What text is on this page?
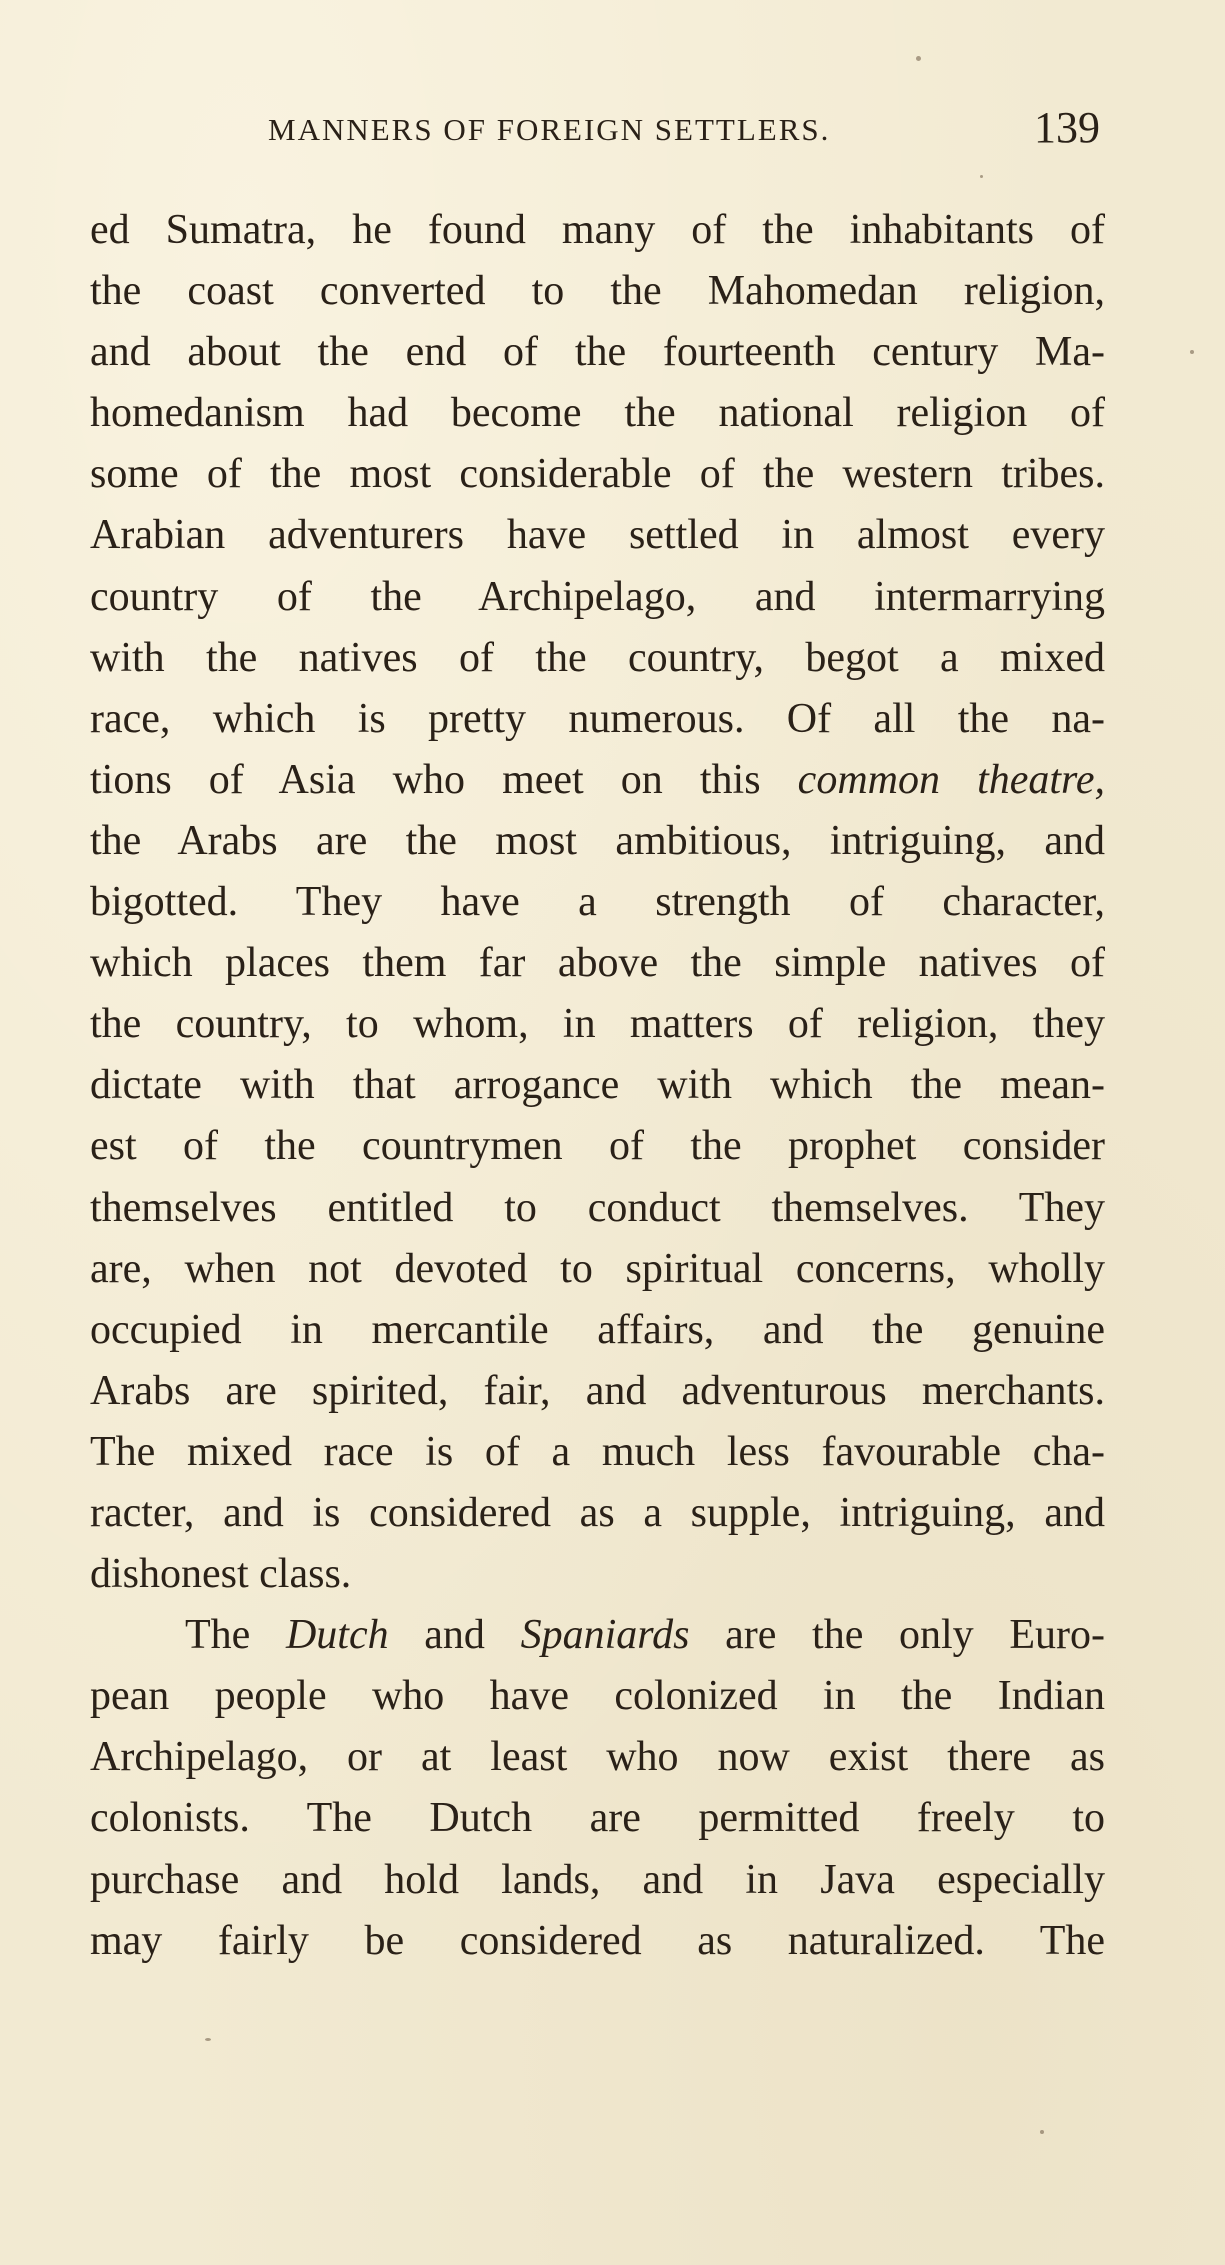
MANNERS OF FOREIGN SETTLERS.	139
ed Sumatra, he found many of the inhabitants of
the coast converted to the Mahomedan religion,
and about the end of the fourteenth century Ma-
homedanism had become the national religion of
some of the most considerable of the western tribes.
Arabian adventurers have settled in almost every
country of the Archipelago, and intermarrying
with the natives of the country, begot a mixed
race, which is pretty numerous. Of all the na-
tions of Asia who meet on this common theatre,
the Arabs are the most ambitious, intriguing, and
bigotted. They have a strength of character,
which places them far above the simple natives of
the country, to whom, in matters of religion, they
dictate with that arrogance with which the mean-
est of the countrymen of the prophet consider
themselves entitled to conduct themselves. They
are, when not devoted to spiritual concerns, wholly
occupied in mercantile affairs, and the genuine
Arabs are spirited, fair, and adventurous merchants.
The mixed race is of a much less favourable cha-
racter, and is considered as a supple, intriguing, and
dishonest class.
The Dutch and Spaniards are the only Euro-
pean people who have colonized in the Indian
Archipelago, or at least who now exist there as
colonists. The Dutch are permitted freely to
purchase and hold lands, and in Java especially
may fairly be considered as naturalized. The
